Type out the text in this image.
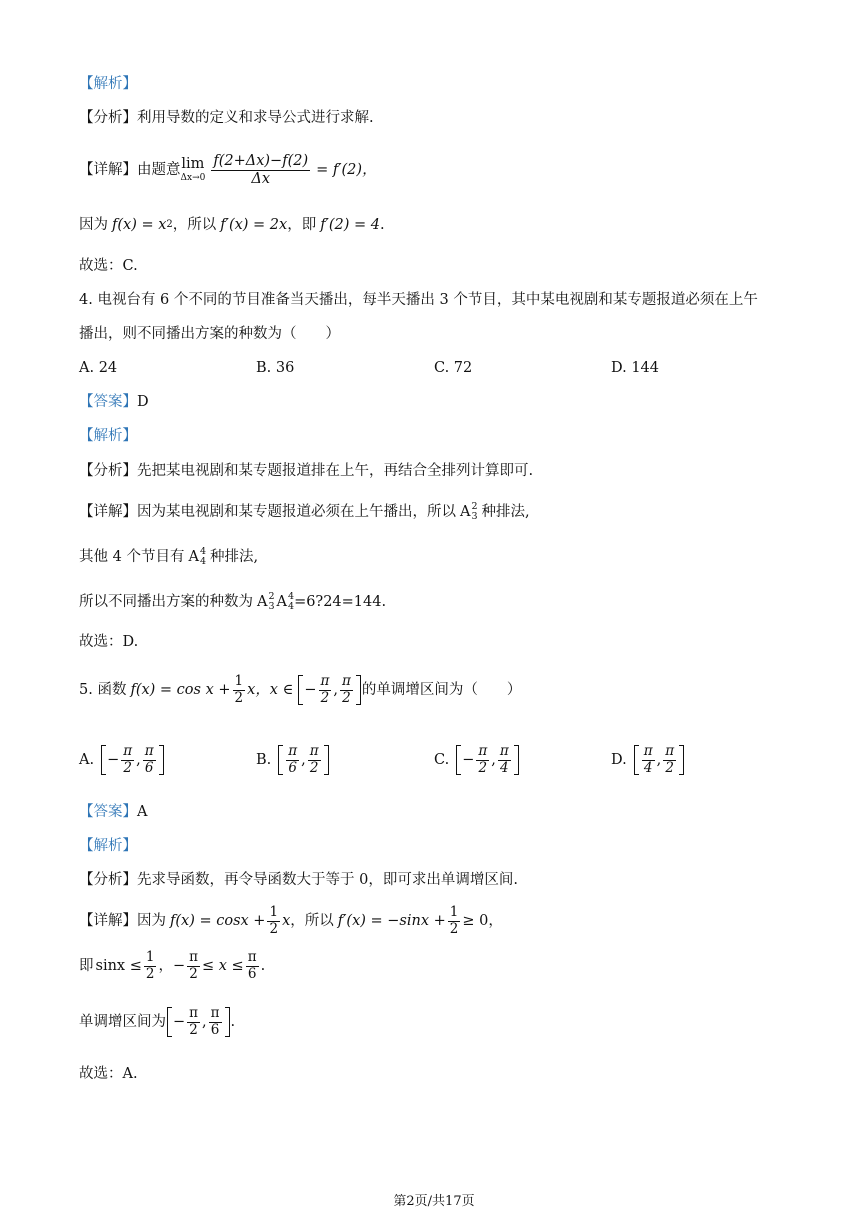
【解析】
【分析】 利用导数的定义和求导公式进行求解.
【详解】 由题意 lim
$\Delta x\to 0 \frac{f(2+\Delta x)-f(2)}{\Delta x} = f'(2)$，
因为 f(x) = x 2 ，所以 f′(x) = 2x ，即 f′(2) = 4 .
故选：C.
4. 电视台有 6 个不同的节目准备当天播出，每半天播出 3 个节目，其中某电视剧和某专题报道必须在上午
播出，则不同播出方案的种数为（　　）
A. 24	B. 36	C. 72	D. 144
【答案】 D
【解析】
【分析】 先把某电视剧和某专题报道排在上午，再结合全排列计算即可.
【详解】 因为某电视剧和某专题报道必须在上午播出，所以 A 2
3 种排法,
其他 4 个节目有 A 4
4 种排法,
所以不同播出方案的种数为 A 2
3 A 4
4 =6?24=144 .
故选：D.
5. 函数 $f(x) = \cos x + \frac{1}{2}$ x ，x ∈ − $\frac{\pi}{2}$ , $\frac{\pi}{2}$ 的单调增区间为（　　）
A. − $\frac{\pi}{2}$ , $\frac{\pi}{6}$	B. $\frac{\pi}{6}$ , $\frac{\pi}{2}$	C. − $\frac{\pi}{2}$ , $\frac{\pi}{4}$	D. $\frac{\pi}{4}$ , $\frac{\pi}{2}$
【答案】 A
【解析】
【分析】 先求导函数，再令导函数大于等于 0，即可求出单调增区间.
【详解】 因为 $f(x) = \cos x + \frac{1}{2}$ x ，所以 $f'(x) = -\sin x + \frac{1}{2} \ge 0$，
即 $\sin x \le \frac{1}{2}$ ， − $\frac{\pi}{2} \le x \le \frac{\pi}{6}$ .
单调增区间为 − $\frac{\pi}{2}$ , $\frac{\pi}{6}$ .
故选：A.
第2页/共17页
